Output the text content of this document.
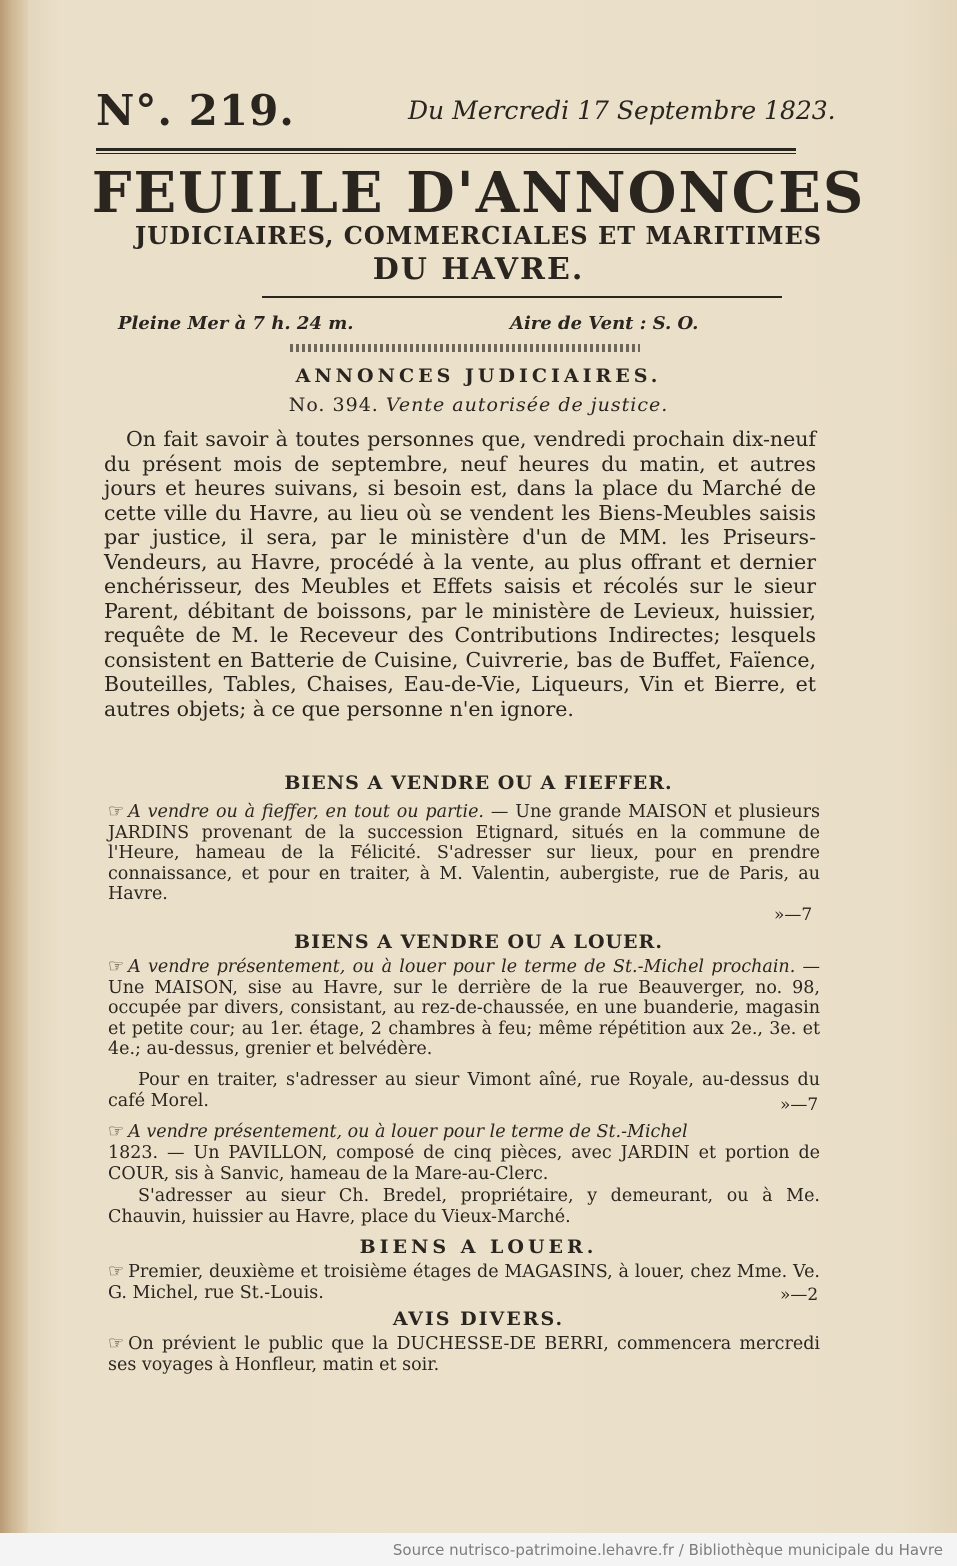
N°. 219.	Du Mercredi 17 Septembre 1823.
FEUILLE D'ANNONCES
JUDICIAIRES, COMMERCIALES ET MARITIMES
DU HAVRE.
Pleine Mer à 7 h. 24 m.	Aire de Vent : S. O.
ANNONCES JUDICIAIRES.
No. 394. Vente autorisée de justice.
On fait savoir à toutes personnes que, vendredi prochain dix-neuf du présent mois de septembre, neuf heures du matin, et autres jours et heures suivans, si besoin est, dans la place du Marché de cette ville du Havre, au lieu où se vendent les Biens-Meubles saisis par justice, il sera, par le ministère d'un de MM. les Priseurs-Vendeurs, au Havre, procédé à la vente, au plus offrant et dernier enchérisseur, des Meubles et Effets saisis et récolés sur le sieur Parent, débitant de boissons, par le ministère de Levieux, huissier, requête de M. le Receveur des Contributions Indirectes; lesquels consistent en Batterie de Cuisine, Cuivrerie, bas de Buffet, Faïence, Bouteilles, Tables, Chaises, Eau-de-Vie, Liqueurs, Vin et Bierre, et autres objets; à ce que personne n'en ignore.
BIENS A VENDRE OU A FIEFFER.
☞ A vendre ou à fieffer, en tout ou partie. — Une grande MAISON et plusieurs JARDINS provenant de la succession Etignard, situés en la commune de l'Heure, hameau de la Félicité. S'adresser sur lieux, pour en prendre connaissance, et pour en traiter, à M. Valentin, aubergiste, rue de Paris, au Havre.
»—7
BIENS A VENDRE OU A LOUER.
☞ A vendre présentement, ou à louer pour le terme de St.-Michel prochain. — Une MAISON, sise au Havre, sur le derrière de la rue Beauverger, no. 98, occupée par divers, consistant, au rez-de-chaussée, en une buanderie, magasin et petite cour; au 1er. étage, 2 chambres à feu; même répétition aux 2e., 3e. et 4e.; au-dessus, grenier et belvédère.
Pour en traiter, s'adresser au sieur Vimont aîné, rue Royale, au-dessus du café Morel.	»—7
☞ A vendre présentement, ou à louer pour le terme de St.-Michel
1823. — Un PAVILLON, composé de cinq pièces, avec JARDIN et portion de COUR, sis à Sanvic, hameau de la Mare-au-Clerc.
S'adresser au sieur Ch. Bredel, propriétaire, y demeurant, ou à Me. Chauvin, huissier au Havre, place du Vieux-Marché.
BIENS A LOUER.
☞ Premier, deuxième et troisième étages de MAGASINS, à louer, chez Mme. Ve. G. Michel, rue St.-Louis.	»—2
AVIS DIVERS.
☞ On prévient le public que la DUCHESSE-DE BERRI, commencera mercredi ses voyages à Honfleur, matin et soir.
Source nutrisco-patrimoine.lehavre.fr / Bibliothèque municipale du Havre
